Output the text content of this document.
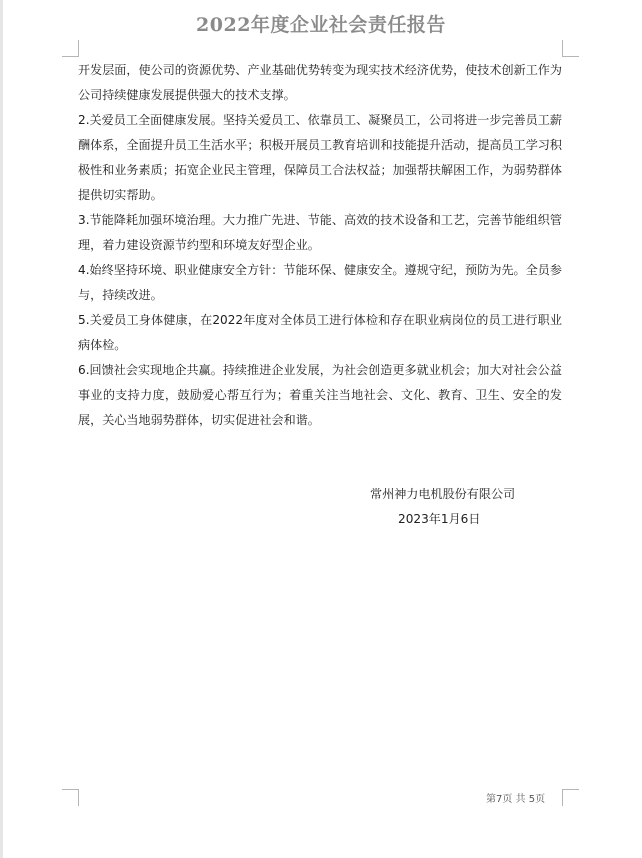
2022年度企业社会责任报告

开发层面，使公司的资源优势、产业基础优势转变为现实技术经济优势，使技术创新工作为公司持续健康发展提供强大的技术支撑。

2.关爱员工全面健康发展。坚持关爱员工、依靠员工、凝聚员工，公司将进一步完善员工薪酬体系，全面提升员工生活水平；积极开展员工教育培训和技能提升活动，提高员工学习积极性和业务素质；拓宽企业民主管理，保障员工合法权益；加强帮扶解困工作，为弱势群体提供切实帮助。

3.节能降耗加强环境治理。大力推广先进、节能、高效的技术设备和工艺，完善节能组织管理，着力建设资源节约型和环境友好型企业。

4.始终坚持环境、职业健康安全方针：节能环保、健康安全。遵规守纪，预防为先。全员参与，持续改进。

5.关爱员工身体健康，在2022年度对全体员工进行体检和存在职业病岗位的员工进行职业病体检。

6.回馈社会实现地企共赢。持续推进企业发展，为社会创造更多就业机会；加大对社会公益事业的支持力度，鼓励爱心帮互行为；着重关注当地社会、文化、教育、卫生、安全的发展，关心当地弱势群体，切实促进社会和谐。

常州神力电机股份有限公司
2023年1月6日
第7页 共 5页
